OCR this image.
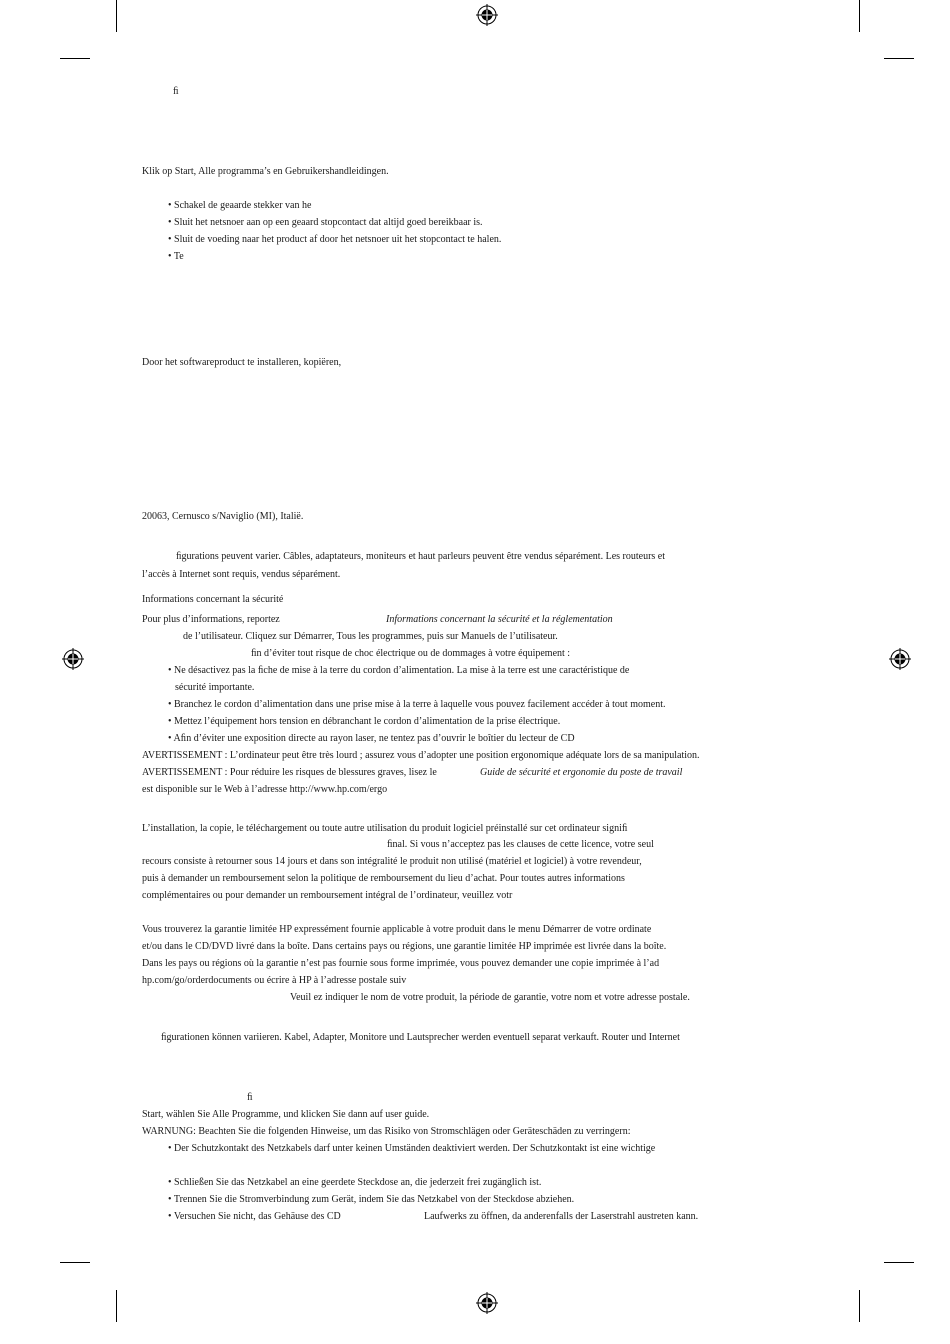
ﬁ
Klik op Start, Alle programma’s en Gebruikershandleidingen.
• Schakel de geaarde stekker van he
• Sluit het netsnoer aan op een geaard stopcontact dat altijd goed bereikbaar is.
• Sluit de voeding naar het product af door het netsnoer uit het stopcontact te halen.
• Te
Door het softwareproduct te installeren, kopiëren,
20063, Cernusco s/Naviglio (MI), Italië.
ﬁgurations peuvent varier. Câbles, adaptateurs, moniteurs et haut parleurs peuvent être vendus séparément. Les routeurs et
l’accès à Internet sont requis, vendus séparément.
Informations concernant la sécurité
Pour plus d’informations, reportez	Informations concernant la sécurité et la réglementation
de l’utilisateur. Cliquez sur Démarrer, Tous les programmes, puis sur Manuels de l’utilisateur.
ﬁn d’éviter tout risque de choc électrique ou de dommages à votre équipement :
• Ne désactivez pas la ﬁche de mise à la terre du cordon d’alimentation. La mise à la terre est une caractéristique de
sécurité importante.
• Branchez le cordon d’alimentation dans une prise mise à la terre à laquelle vous pouvez facilement accéder à tout moment.
• Mettez l’équipement hors tension en débranchant le cordon d’alimentation de la prise électrique.
• Aﬁn d’éviter une exposition directe au rayon laser, ne tentez pas d’ouvrir le boîtier du lecteur de CD
AVERTISSEMENT : L’ordinateur peut être très lourd ; assurez vous d’adopter une position ergonomique adéquate lors de sa manipulation.
AVERTISSEMENT : Pour réduire les risques de blessures graves, lisez le	Guide de sécurité et ergonomie du poste de travail
est disponible sur le Web à l’adresse http://www.hp.com/ergo
L’installation, la copie, le téléchargement ou toute autre utilisation du produit logiciel préinstallé sur cet ordinateur signiﬁ
ﬁnal. Si vous n’acceptez pas les clauses de cette licence, votre seul
recours consiste à retourner sous 14 jours et dans son intégralité le produit non utilisé (matériel et logiciel) à votre revendeur,
puis à demander un remboursement selon la politique de remboursement du lieu d’achat. Pour toutes autres informations
complémentaires ou pour demander un remboursement intégral de l’ordinateur, veuillez votr
Vous trouverez la garantie limitée HP expressément fournie applicable à votre produit dans le menu Démarrer de votre ordinate
et/ou dans le CD/DVD livré dans la boîte. Dans certains pays ou régions, une garantie limitée HP imprimée est livrée dans la boîte.
Dans les pays ou régions où la garantie n’est pas fournie sous forme imprimée, vous pouvez demander une copie imprimée à l’ad
hp.com/go/orderdocuments ou écrire à HP à l’adresse postale suiv
Veuil ez indiquer le nom de votre produit, la période de garantie, votre nom et votre adresse postale.
ﬁgurationen können variieren. Kabel, Adapter, Monitore und Lautsprecher werden eventuell separat verkauft. Router und Internet
ﬁ
Start, wählen Sie Alle Programme, und klicken Sie dann auf user guide.
WARNUNG: Beachten Sie die folgenden Hinweise, um das Risiko von Stromschlägen oder Geräteschäden zu verringern:
• Der Schutzkontakt des Netzkabels darf unter keinen Umständen deaktiviert werden. Der Schutzkontakt ist eine wichtige
• Schließen Sie das Netzkabel an eine geerdete Steckdose an, die jederzeit frei zugänglich ist.
• Trennen Sie die Stromverbindung zum Gerät, indem Sie das Netzkabel von der Steckdose abziehen.
• Versuchen Sie nicht, das Gehäuse des CD	Laufwerks zu öffnen, da anderenfalls der Laserstrahl austreten kann.
